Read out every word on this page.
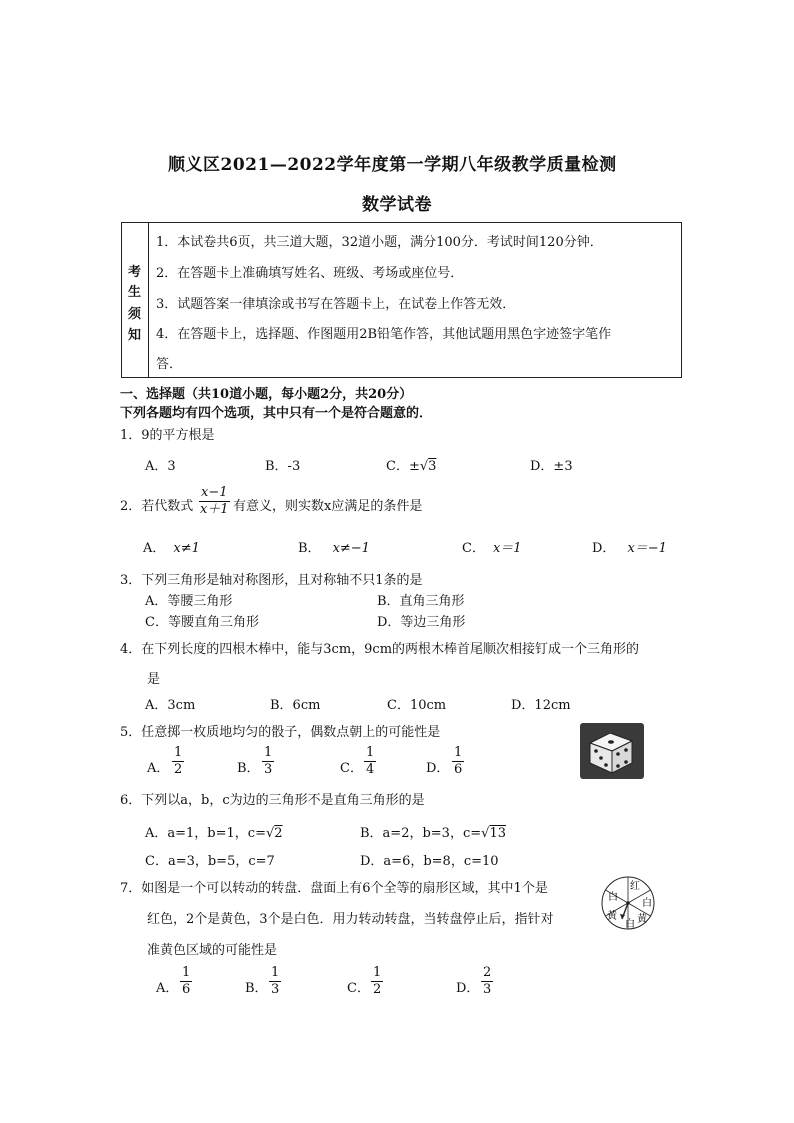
顺义区2021—2022学年度第一学期八年级教学质量检测
数学试卷
考
生
须
知
1．本试卷共6页，共三道大题，32道小题，满分100分．考试时间120分钟．
2．在答题卡上准确填写姓名、班级、考场或座位号．
3．试题答案一律填涂或书写在答题卡上，在试卷上作答无效．
4．在答题卡上，选择题、作图题用2B铅笔作答，其他试题用黑色字迹签字笔作
答．
一、选择题（共10道小题，每小题2分，共20分）
下列各题均有四个选项，其中只有一个是符合题意的．
1．9的平方根是
A．3	B．-3	C．±√3	D．±3
2．若代数式 $\frac{x-1}{x+1}$ 有意义，则实数x应满足的条件是
A． x≠1	B． x≠−1	C． x＝1	D． x＝−1
3．下列三角形是轴对称图形，且对称轴不只1条的是
A．等腰三角形	B．直角三角形
C．等腰直角三角形	D．等边三角形
4．在下列长度的四根木棒中，能与3cm，9cm的两根木棒首尾顺次相接钉成一个三角形的
是
A．3cm	B．6cm	C．10cm	D．12cm
5．任意掷一枚质地均匀的骰子，偶数点朝上的可能性是
A． $\frac{1}{2}$	B． $\frac{1}{3}$	C． $\frac{1}{4}$	D． $\frac{1}{6}$
6．下列以a，b，c为边的三角形不是直角三角形的是
A．a=1，b=1，c=√2	B．a=2，b=3，c=√13
C．a=3，b=5，c=7	D．a=6，b=8，c=10
7．如图是一个可以转动的转盘．盘面上有6个全等的扇形区域，其中1个是
红色，2个是黄色，3个是白色．用力转动转盘，当转盘停止后，指针对
准黄色区域的可能性是
A． $\frac{1}{6}$	B． $\frac{1}{3}$	C． $\frac{1}{2}$	D． $\frac{2}{3}$
红
白
黄
白
黄
白
